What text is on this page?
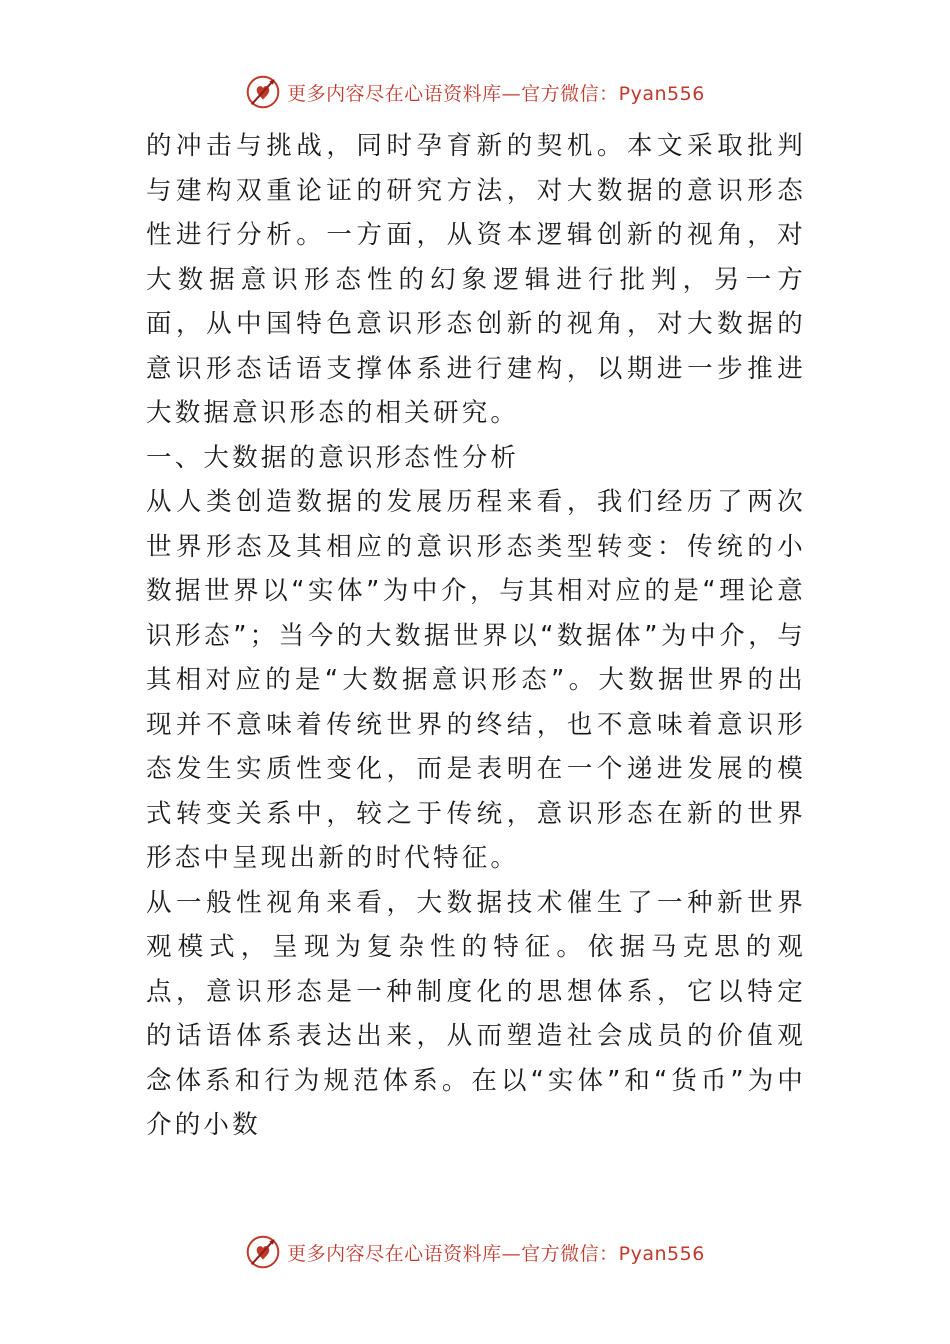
更多内容尽在心语资料库—官方微信：Pyan556

的冲击与挑战，同时孕育新的契机。本文采取批判与建构双重论证的研究方法，对大数据的意识形态性进行分析。一方面，从资本逻辑创新的视角，对大数据意识形态性的幻象逻辑进行批判，另一方面，从中国特色意识形态创新的视角，对大数据的意识形态话语支撑体系进行建构，以期进一步推进大数据意识形态的相关研究。

一、大数据的意识形态性分析

从人类创造数据的发展历程来看，我们经历了两次世界形态及其相应的意识形态类型转变：传统的小数据世界以“实体”为中介，与其相对应的是“理论意识形态”；当今的大数据世界以“数据体”为中介，与其相对应的是“大数据意识形态”。大数据世界的出现并不意味着传统世界的终结，也不意味着意识形态发生实质性变化，而是表明在一个递进发展的模式转变关系中，较之于传统，意识形态在新的世界形态中呈现出新的时代特征。

从一般性视角来看，大数据技术催生了一种新世界观模式，呈现为复杂性的特征。依据马克思的观点，意识形态是一种制度化的思想体系，它以特定的话语体系表达出来，从而塑造社会成员的价值观念体系和行为规范体系。在以“实体”和“货币”为中介的小数

更多内容尽在心语资料库—官方微信：Pyan556
